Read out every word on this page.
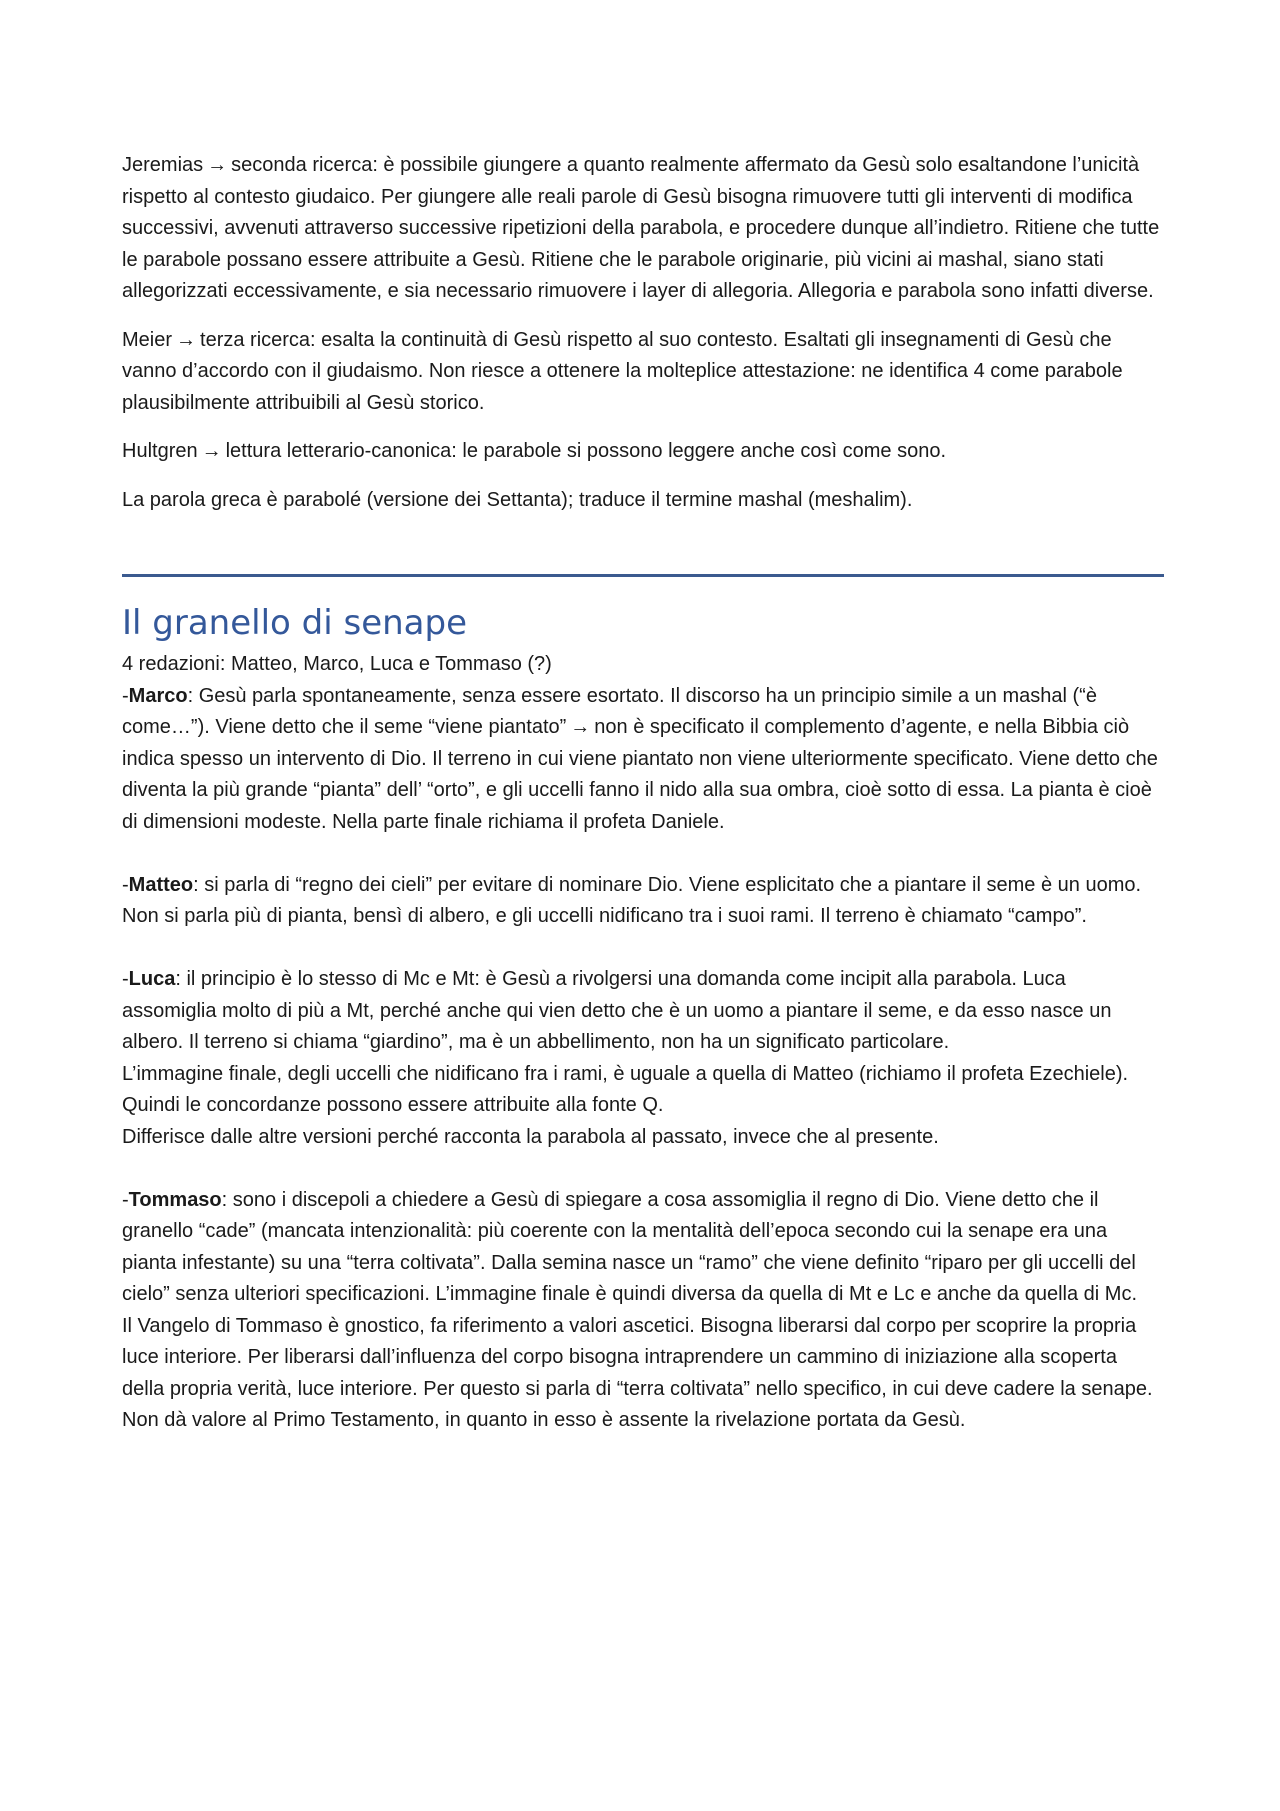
Jeremias → seconda ricerca: è possibile giungere a quanto realmente affermato da Gesù solo esaltandone l’unicità rispetto al contesto giudaico. Per giungere alle reali parole di Gesù bisogna rimuovere tutti gli interventi di modifica successivi, avvenuti attraverso successive ripetizioni della parabola, e procedere dunque all’indietro. Ritiene che tutte le parabole possano essere attribuite a Gesù. Ritiene che le parabole originarie, più vicini ai mashal, siano stati allegorizzati eccessivamente, e sia necessario rimuovere i layer di allegoria. Allegoria e parabola sono infatti diverse.

Meier → terza ricerca: esalta la continuità di Gesù rispetto al suo contesto. Esaltati gli insegnamenti di Gesù che vanno d’accordo con il giudaismo. Non riesce a ottenere la molteplice attestazione: ne identifica 4 come parabole plausibilmente attribuibili al Gesù storico.

Hultgren → lettura letterario-canonica: le parabole si possono leggere anche così come sono.

La parola greca è parabolé (versione dei Settanta); traduce il termine mashal (meshalim).

Il granello di senape

4 redazioni: Matteo, Marco, Luca e Tommaso (?)

-Marco: Gesù parla spontaneamente, senza essere esortato. Il discorso ha un principio simile a un mashal (“è come…”). Viene detto che il seme “viene piantato” → non è specificato il complemento d’agente, e nella Bibbia ciò indica spesso un intervento di Dio. Il terreno in cui viene piantato non viene ulteriormente specificato. Viene detto che diventa la più grande “pianta” dell’ “orto”, e gli uccelli fanno il nido alla sua ombra, cioè sotto di essa. La pianta è cioè di dimensioni modeste. Nella parte finale richiama il profeta Daniele.

-Matteo: si parla di “regno dei cieli” per evitare di nominare Dio. Viene esplicitato che a piantare il seme è un uomo. Non si parla più di pianta, bensì di albero, e gli uccelli nidificano tra i suoi rami. Il terreno è chiamato “campo”.

-Luca: il principio è lo stesso di Mc e Mt: è Gesù a rivolgersi una domanda come incipit alla parabola. Luca assomiglia molto di più a Mt, perché anche qui vien detto che è un uomo a piantare il seme, e da esso nasce un albero. Il terreno si chiama “giardino”, ma è un abbellimento, non ha un significato particolare.

L’immagine finale, degli uccelli che nidificano fra i rami, è uguale a quella di Matteo (richiamo il profeta Ezechiele). Quindi le concordanze possono essere attribuite alla fonte Q.

Differisce dalle altre versioni perché racconta la parabola al passato, invece che al presente.

-Tommaso: sono i discepoli a chiedere a Gesù di spiegare a cosa assomiglia il regno di Dio. Viene detto che il granello “cade” (mancata intenzionalità: più coerente con la mentalità dell’epoca secondo cui la senape era una pianta infestante) su una “terra coltivata”. Dalla semina nasce un “ramo” che viene definito “riparo per gli uccelli del cielo” senza ulteriori specificazioni. L’immagine finale è quindi diversa da quella di Mt e Lc e anche da quella di Mc.

Il Vangelo di Tommaso è gnostico, fa riferimento a valori ascetici. Bisogna liberarsi dal corpo per scoprire la propria luce interiore. Per liberarsi dall’influenza del corpo bisogna intraprendere un cammino di iniziazione alla scoperta della propria verità, luce interiore. Per questo si parla di “terra coltivata” nello specifico, in cui deve cadere la senape.

Non dà valore al Primo Testamento, in quanto in esso è assente la rivelazione portata da Gesù.
